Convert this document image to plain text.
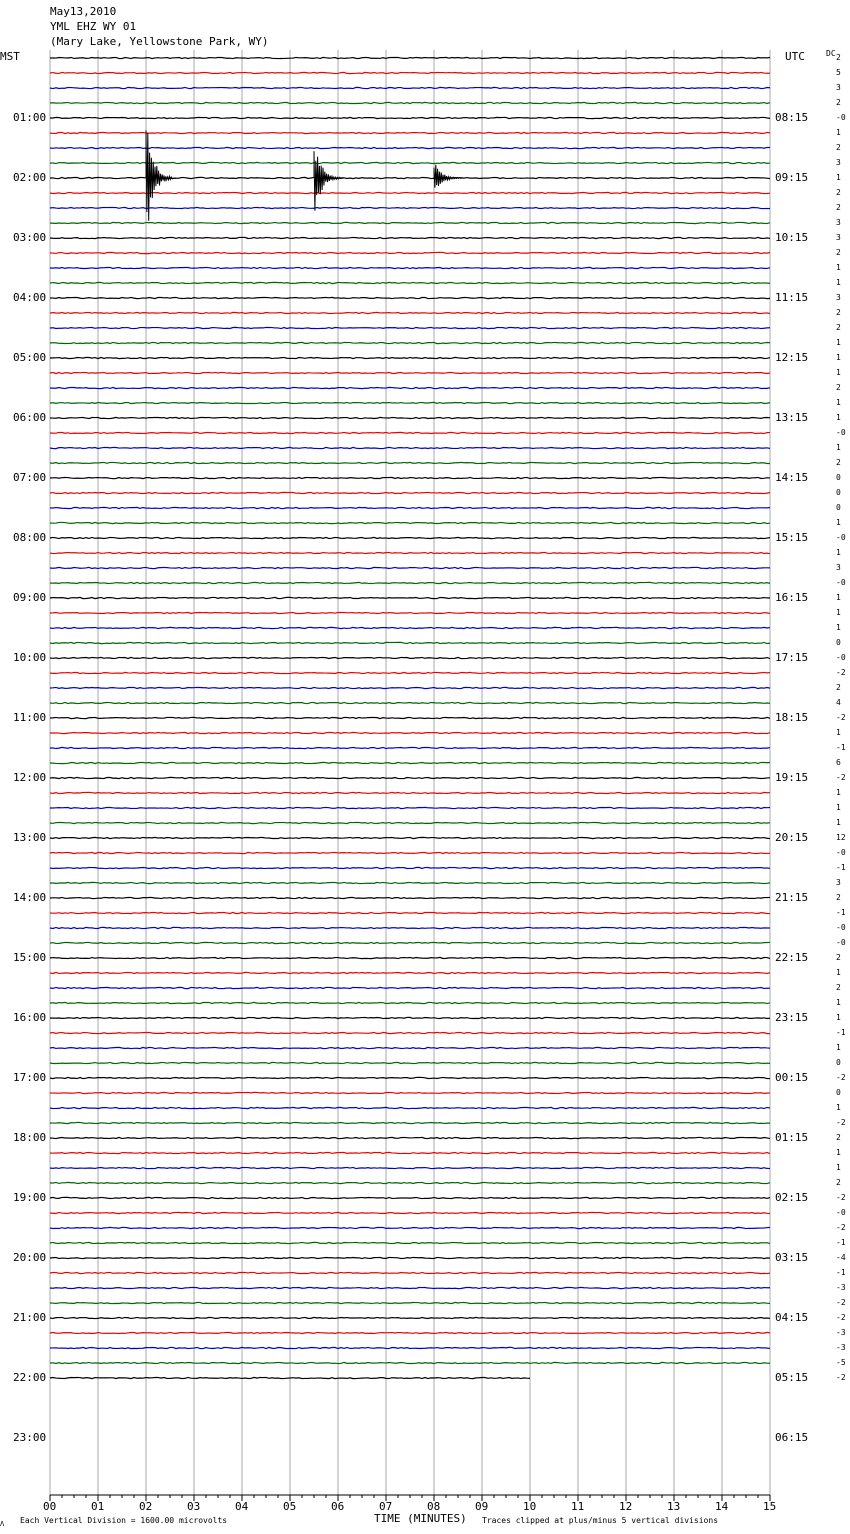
May13,2010
YML EHZ WY 01
(Mary Lake, Yellowstone Park, WY)
MST	UTC	DC
01:00
02:00
03:00
04:00
05:00
06:00
07:00
08:00
09:00
10:00
11:00
12:00
13:00
14:00
15:00
16:00
17:00
18:00
19:00
20:00
21:00
22:00
23:00
08:15
09:15
10:15
11:15
12:15
13:15
14:15
15:15
16:15
17:15
18:15
19:15
20:15
21:15
22:15
23:15
00:15
01:15
02:15
03:15
04:15
05:15
06:15
2
5
3
2
-0
1
2
3
1
2
2
3
3
2
1
1
3
2
2
1
1
1
2
1
1
-0
1
2
0
0
0
1
-0
1
3
-0
1
1
1
0
-0
-2
2
4
-2
1
-1
6
-2
1
1
1
12
-0
-1
3
2
-1
-0
-0
2
1
2
1
1
-1
1
0
-2
0
1
-2
2
1
1
2
-2
-0
-2
-1
-4
-1
-3
-2
-2
-3
-3
-5
-2
00	01	02	03	04	05	06	07	08	09	10	11	12	13	14	15
Λ Each Vertical Division = 1600.00 microvolts	TIME (MINUTES) Traces clipped at plus/minus 5 vertical divisions
